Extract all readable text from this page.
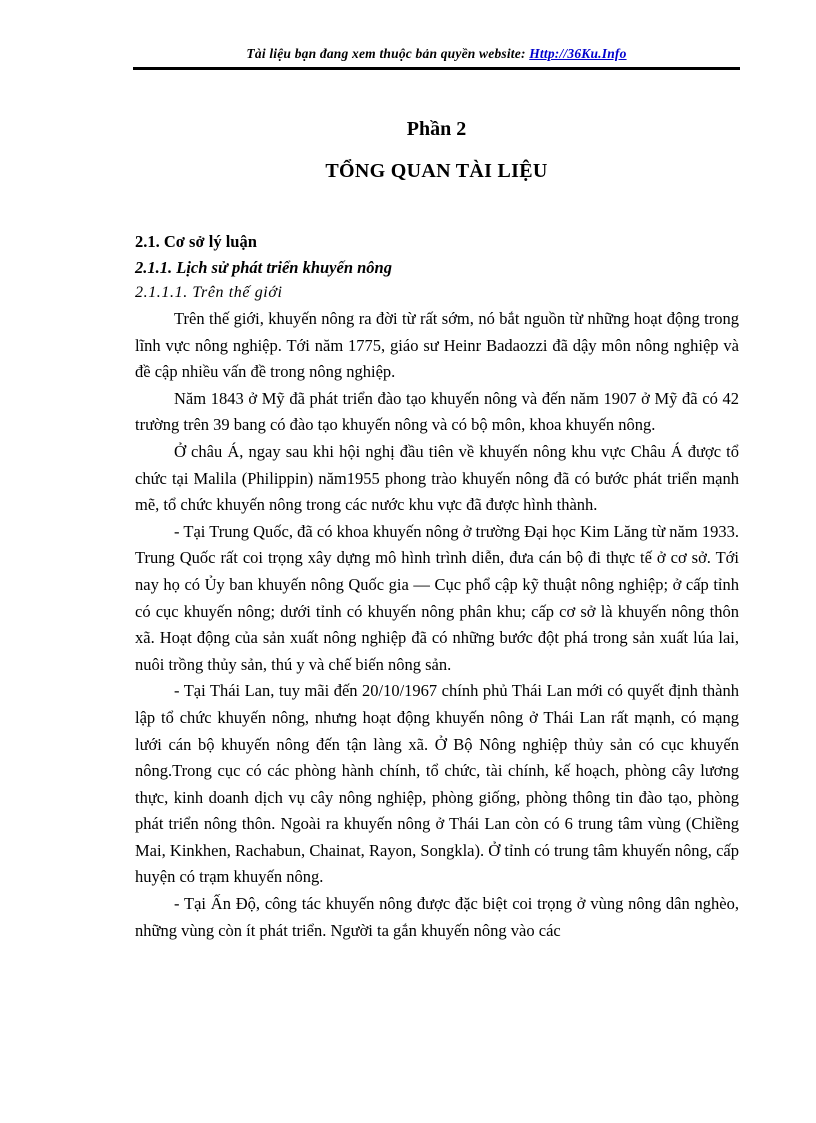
Tài liệu bạn đang xem thuộc bản quyền website: Http://36Ku.Info
Phần 2
TỔNG QUAN TÀI LIỆU
2.1. Cơ sở lý luận
2.1.1. Lịch sử phát triển khuyến nông
2.1.1.1. Trên thế giới

Trên thế giới, khuyến nông ra đời từ rất sớm, nó bắt nguồn từ những hoạt động trong lĩnh vực nông nghiệp. Tới năm 1775, giáo sư Heinr Badaozzi đã dậy môn nông nghiệp và đề cập nhiều vấn đề trong nông nghiệp.

Năm 1843 ở Mỹ đã phát triển đào tạo khuyến nông và đến năm 1907 ở Mỹ đã có 42 trường trên 39 bang có đào tạo khuyến nông và có bộ môn, khoa khuyến nông.

Ở châu Á, ngay sau khi hội nghị đầu tiên về khuyến nông khu vực Châu Á được tổ chức tại Malila (Philippin) năm1955 phong trào khuyến nông đã có bước phát triển mạnh mẽ, tổ chức khuyến nông trong các nước khu vực đã được hình thành.

- Tại Trung Quốc, đã có khoa khuyến nông ở trường Đại học Kim Lăng từ năm 1933. Trung Quốc rất coi trọng xây dựng mô hình trình diễn, đưa cán bộ đi thực tế ở cơ sở. Tới nay họ có Ủy ban khuyến nông Quốc gia — Cục phổ cập kỹ thuật nông nghiệp; ở cấp tỉnh có cục khuyến nông; dưới tỉnh có khuyến nông phân khu; cấp cơ sở là khuyến nông thôn xã. Hoạt động của sản xuất nông nghiệp đã có những bước đột phá trong sản xuất lúa lai, nuôi trồng thủy sản, thú y và chế biến nông sản.

- Tại Thái Lan, tuy mãi đến 20/10/1967 chính phủ Thái Lan mới có quyết định thành lập tổ chức khuyến nông, nhưng hoạt động khuyến nông ở Thái Lan rất mạnh, có mạng lưới cán bộ khuyến nông đến tận làng xã. Ở Bộ Nông nghiệp thủy sản có cục khuyến nông.Trong cục có các phòng hành chính, tổ chức, tài chính, kế hoạch, phòng cây lương thực, kinh doanh dịch vụ cây nông nghiệp, phòng giống, phòng thông tin đào tạo, phòng phát triển nông thôn. Ngoài ra khuyến nông ở Thái Lan còn có 6 trung tâm vùng (Chiềng Mai, Kinkhen, Rachabun, Chainat, Rayon, Songkla). Ở tỉnh có trung tâm khuyến nông, cấp huyện có trạm khuyến nông.

- Tại Ấn Độ, công tác khuyến nông được đặc biệt coi trọng ở vùng nông dân nghèo, những vùng còn ít phát triển. Người ta gắn khuyến nông vào các
